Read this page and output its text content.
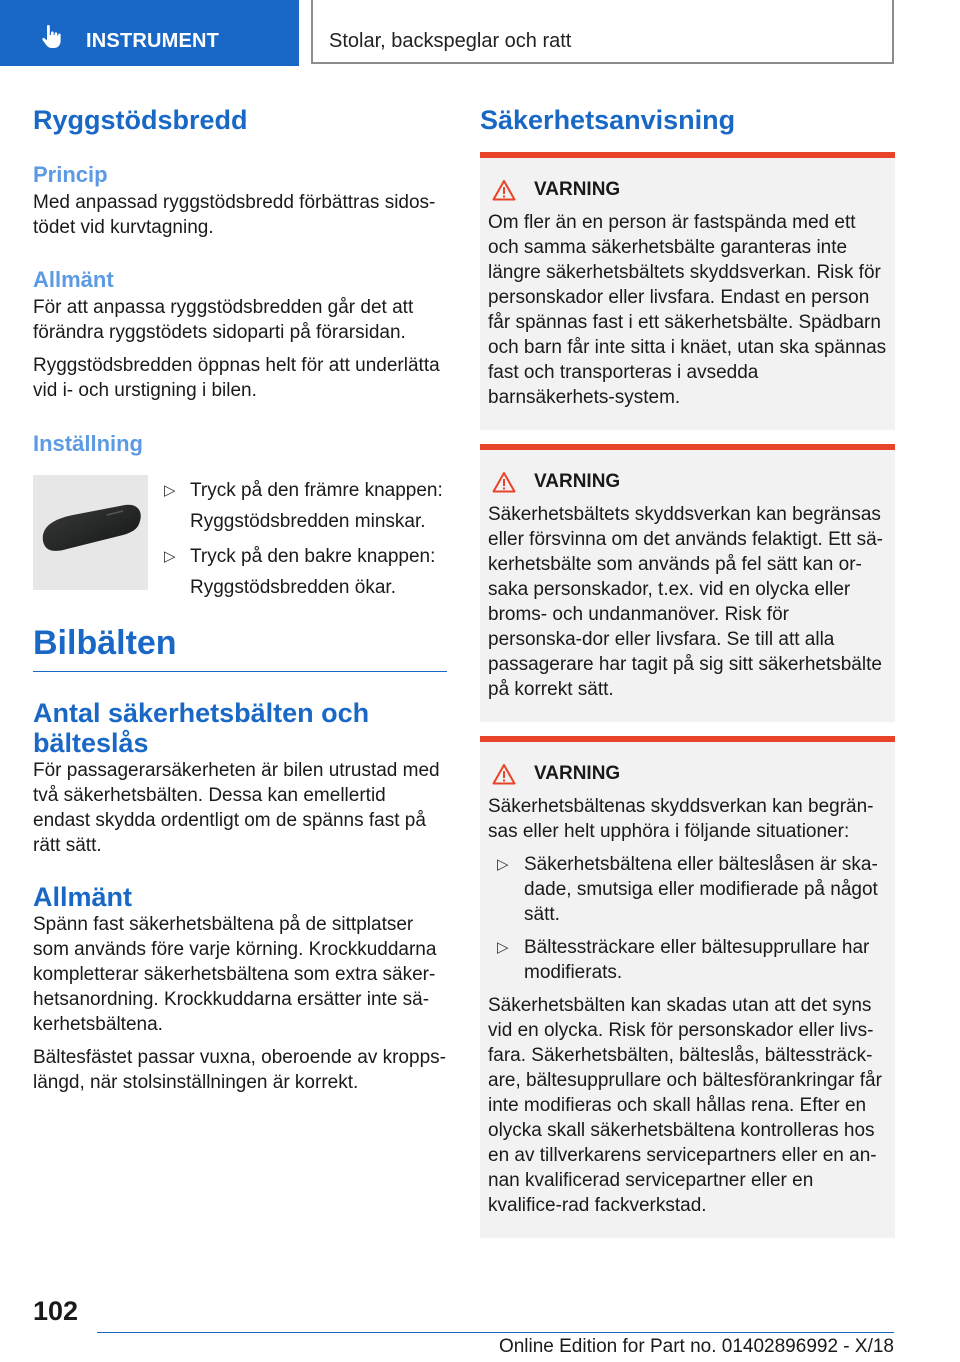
INSTRUMENT	Stolar, backspeglar och ratt
Ryggstödsbredd
Princip

Med anpassad ryggstödsbredd förbättras sidos-tödet vid kurvtagning.

Allmänt

För att anpassa ryggstödsbredden går det att förändra ryggstödets sidoparti på förarsidan.

Ryggstödsbredden öppnas helt för att underlätta vid i- och urstigning i bilen.

Inställning
▷ Tryck på den främre knappen:
Ryggstödsbredden minskar.
▷ Tryck på den bakre knappen:
Ryggstödsbredden ökar.
Bilbälten
Antal säkerhetsbälten och bälteslås

För passagerarsäkerheten är bilen utrustad med två säkerhetsbälten. Dessa kan emellertid endast skydda ordentligt om de spänns fast på rätt sätt.

Allmänt

Spänn fast säkerhetsbältena på de sittplatser som används före varje körning. Krockkuddarna kompletterar säkerhetsbältena som extra säker-hetsanordning. Krockkuddarna ersätter inte sä-kerhetsbältena.

Bältesfästet passar vuxna, oberoende av kropps-längd, när stolsinställningen är korrekt.

Säkerhetsanvisning
VARNING

Om fler än en person är fastspända med ett och samma säkerhetsbälte garanteras inte längre säkerhetsbältets skyddsverkan. Risk för personskador eller livsfara. Endast en person får spännas fast i ett säkerhetsbälte. Spädbarn och barn får inte sitta i knäet, utan ska spännas fast och transporteras i avsedda barnsäkerhets-system.

VARNING

Säkerhetsbältets skyddsverkan kan begränsas eller försvinna om det används felaktigt. Ett sä-kerhetsbälte som används på fel sätt kan or-saka personskador, t.ex. vid en olycka eller broms- och undanmanöver. Risk för personska-dor eller livsfara. Se till att alla passagerare har tagit på sig sitt säkerhetsbälte på korrekt sätt.

VARNING

Säkerhetsbältenas skyddsverkan kan begrän-sas eller helt upphöra i följande situationer:

▷ Säkerhetsbältena eller bälteslåsen är ska-dade, smutsiga eller modifierade på något sätt.
▷ Bältessträckare eller bältesupprullare har modifierats.

Säkerhetsbälten kan skadas utan att det syns vid en olycka. Risk för personskador eller livs-fara. Säkerhetsbälten, bälteslås, bältessträck-are, bältesupprullare och bältesförankringar får inte modifieras och skall hållas rena. Efter en olycka skall säkerhetsbältena kontrolleras hos en av tillverkarens servicepartners eller en an-nan kvalificerad servicepartner eller en kvalifice-rad fackverkstad.

102
Online Edition for Part no. 01402896992 - X/18
